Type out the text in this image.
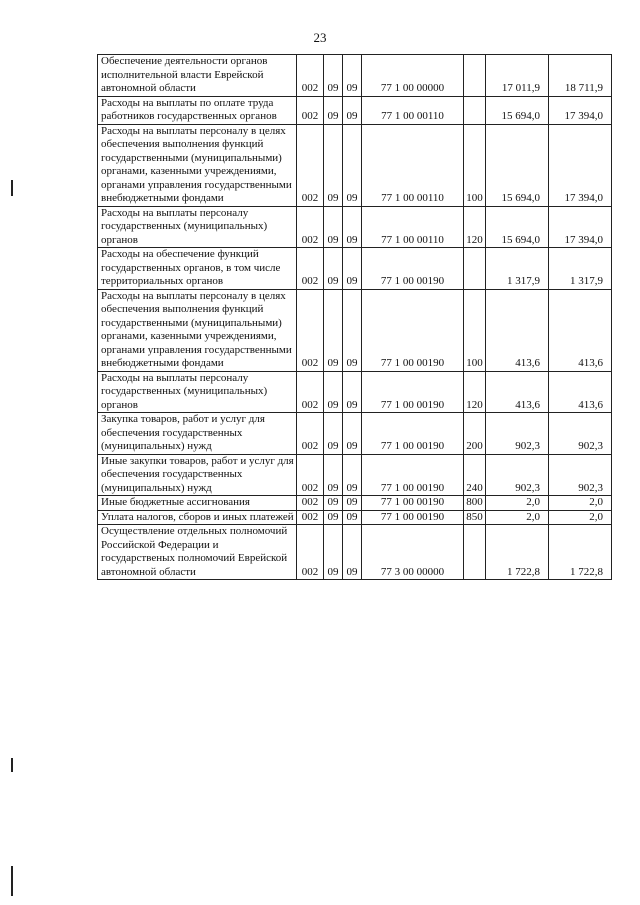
23
Обеспечение деятельности органов исполнительной власти Еврейской автономной области	002	09	09	77 1 00 00000		17 011,9	18 711,9
Расходы на выплаты по оплате труда работников государственных органов	002	09	09	77 1 00 00110		15 694,0	17 394,0
Расходы на выплаты персоналу в целях обеспечения выполнения функций государственными (муниципальными) органами, казенными учреждениями, органами управления государственными внебюджетными фондами	002	09	09	77 1 00 00110	100	15 694,0	17 394,0
Расходы на выплаты персоналу государственных (муниципальных) органов	002	09	09	77 1 00 00110	120	15 694,0	17 394,0
Расходы на обеспечение функций государственных органов, в том числе территориальных органов	002	09	09	77 1 00 00190		1 317,9	1 317,9
Расходы на выплаты персоналу в целях обеспечения выполнения функций государственными (муниципальными) органами, казенными учреждениями, органами управления государственными внебюджетными фондами	002	09	09	77 1 00 00190	100	413,6	413,6
Расходы на выплаты персоналу государственных (муниципальных) органов	002	09	09	77 1 00 00190	120	413,6	413,6
Закупка товаров, работ и услуг для обеспечения государственных (муниципальных) нужд	002	09	09	77 1 00 00190	200	902,3	902,3
Иные закупки товаров, работ и услуг для обеспечения государственных (муниципальных) нужд	002	09	09	77 1 00 00190	240	902,3	902,3
Иные бюджетные ассигнования	002	09	09	77 1 00 00190	800	2,0	2,0
Уплата налогов, сборов и иных платежей	002	09	09	77 1 00 00190	850	2,0	2,0
Осуществление отдельных полномочий Российской Федерации и государственых полномочий Еврейской автономной области	002	09	09	77 3 00 00000		1 722,8	1 722,8
